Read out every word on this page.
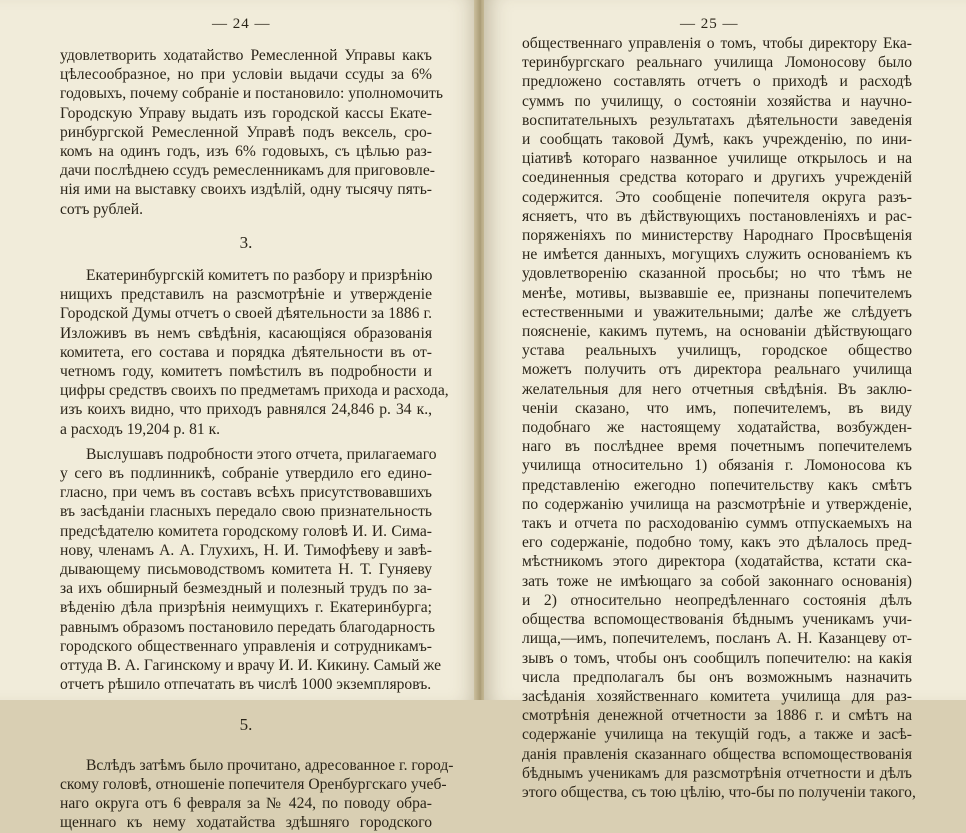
— 24 —
удовлетворить ходатайство Ремесленной Управы какъ
цѣлесообразное, но при условіи выдачи ссуды за 6%
годовыхъ, почему собраніе и постановило: уполномочить
Городскую Управу выдать изъ городской кассы Екате-
ринбургской Ремесленной Управѣ подъ вексель, сро-
комъ на одинъ годъ, изъ 6% годовыхъ, съ цѣлью раз-
дачи послѣднею ссудъ ремесленникамъ для пригововле-
нія ими на выставку своихъ издѣлій, одну тысячу пять-
сотъ рублей.
3.
Екатеринбургскій комитетъ по разбору и призрѣнію
нищихъ представилъ на разсмотрѣніе и утвержденіе
Городской Думы отчетъ о своей дѣятельности за 1886 г.
Изложивъ въ немъ свѣдѣнія, касающіяся образованія
комитета, его состава и порядка дѣятельности въ от-
четномъ году, комитетъ помѣстилъ въ подробности и
цифры средствъ своихъ по предметамъ прихода и расхода,
изъ коихъ видно, что приходъ равнялся 24,846 р. 34 к.,
а расходъ 19,204 р. 81 к.
Выслушавъ подробности этого отчета, прилагаемаго
у сего въ подлинникѣ, собраніе утвердило его едино-
гласно, при чемъ въ составъ всѣхъ присутствовавшихъ
въ засѣданіи гласныхъ передало свою признательность
предсѣдателю комитета городскому головѣ И. И. Сима-
нову, членамъ А. А. Глухихъ, Н. И. Тимофѣеву и завѣ-
дывающему письмоводствомъ комитета Н. Т. Гуняеву
за ихъ обширный безмездный и полезный трудъ по за-
вѣденію дѣла призрѣнія неимущихъ г. Екатеринбурга;
равнымъ образомъ постановило передать благодарность
городского общественнаго управленія и сотрудникамъ-
оттуда В. А. Гагинскому и врачу И. И. Кикину. Самый же
отчетъ рѣшило отпечатать въ числѣ 1000 экземпляровъ.
5.
Вслѣдъ затѣмъ было прочитано, адресованное г. город-
скому головѣ, отношеніе попечителя Оренбургскаго учеб-
наго округа отъ 6 февраля за № 424, по поводу обра-
щеннаго къ нему ходатайства здѣшняго городского
— 25 —
общественнаго управленія о томъ, чтобы директору Ека-
теринбургскаго реальнаго училища Ломоносову было
предложено составлять отчетъ о приходѣ и расходѣ
суммъ по училищу, о состояніи хозяйства и научно-
воспитательныхъ результатахъ дѣятельности заведенія
и сообщать таковой Думѣ, какъ учрежденію, по ини-
ціативѣ котораго названное училище открылось и на
соединенныя средства котораго и другихъ учрежденій
содержится. Это сообщеніе попечителя округа разъ-
ясняетъ, что въ дѣйствующихъ постановленіяхъ и рас-
поряженіяхъ по министерству Народнаго Просвѣщенія
не имѣется данныхъ, могущихъ служить основаніемъ къ
удовлетворенію сказанной просьбы; но что тѣмъ не
менѣе, мотивы, вызвавшіе ее, признаны попечителемъ
естественными и уважительными; далѣе же слѣдуетъ
поясненіе, какимъ путемъ, на основаніи дѣйствующаго
устава реальныхъ училищъ, городское общество
можетъ получить отъ директора реальнаго училища
желательныя для него отчетныя свѣдѣнія. Въ заклю-
ченіи сказано, что имъ, попечителемъ, въ виду
подобнаго же настоящему ходатайства, возбужден-
наго въ послѣднее время почетнымъ попечителемъ
училища относительно 1) обязанія г. Ломоносова къ
представленію ежегодно попечительству какъ смѣтъ
по содержанію училища на разсмотрѣніе и утвержденіе,
такъ и отчета по расходованію суммъ отпускаемыхъ на
его содержаніе, подобно тому, какъ это дѣлалось пред-
мѣстникомъ этого директора (ходатайства, кстати ска-
зать тоже не имѣющаго за собой законнаго основанія)
и 2) относительно неопредѣленнаго состоянія дѣлъ
общества вспомоществованія бѣднымъ ученикамъ учи-
лища,—имъ, попечителемъ, посланъ А. Н. Казанцеву от-
зывъ о томъ, чтобы онъ сообщилъ попечителю: на какія
числа предполагалъ бы онъ возможнымъ назначить
засѣданія хозяйственнаго комитета училища для раз-
смотрѣнія денежной отчетности за 1886 г. и смѣтъ на
содержаніе училища на текущій годъ, а также и засѣ-
данія правленія сказаннаго общества вспомоществованія
бѣднымъ ученикамъ для разсмотрѣнія отчетности и дѣлъ
этого общества, съ тою цѣлію, что-бы по полученіи такого,
